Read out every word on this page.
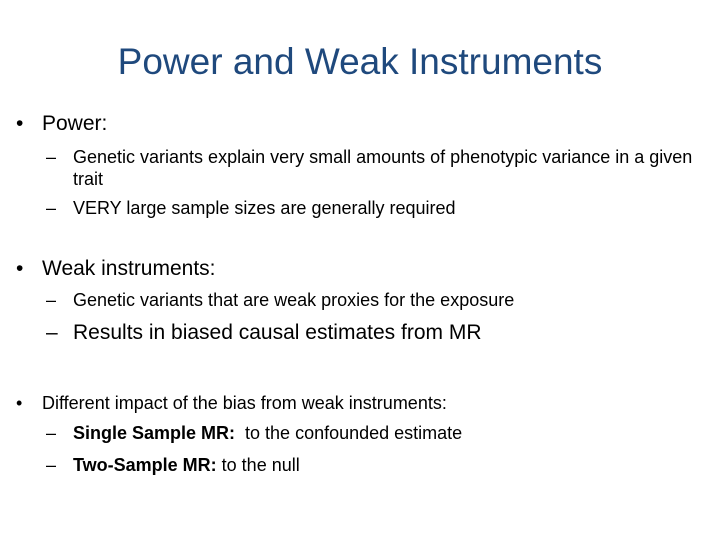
Power and Weak Instruments
• Power:
– Genetic variants explain very small amounts of phenotypic variance in a given trait
– VERY large sample sizes are generally required
• Weak instruments:
– Genetic variants that are weak proxies for the exposure
– Results in biased causal estimates from MR
•	Different impact of the bias from weak instruments:
– Single Sample MR:  to the confounded estimate
– Two-Sample MR: to the null
